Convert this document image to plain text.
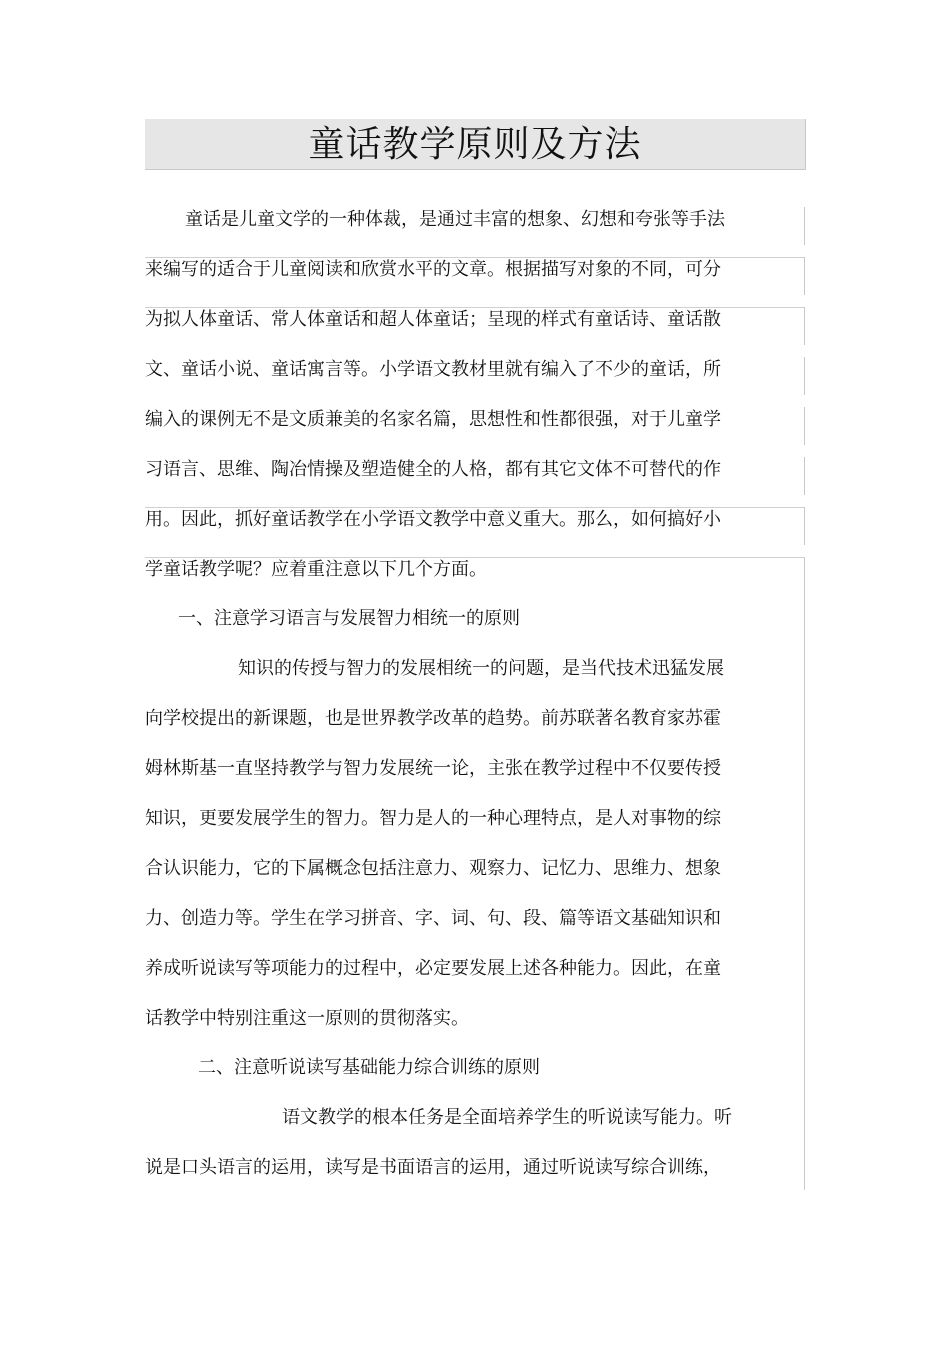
童话教学原则及方法
童话是儿童文学的一种体裁，是通过丰富的想象、幻想和夸张等手法
来编写的适合于儿童阅读和欣赏水平的文章。根据描写对象的不同，可分
为拟人体童话、常人体童话和超人体童话；呈现的样式有童话诗、童话散
文、童话小说、童话寓言等。小学语文教材里就有编入了不少的童话，所
编入的课例无不是文质兼美的名家名篇，思想性和性都很强，对于儿童学
习语言、思维、陶冶情操及塑造健全的人格，都有其它文体不可替代的作
用。因此，抓好童话教学在小学语文教学中意义重大。那么，如何搞好小
学童话教学呢？应着重注意以下几个方面。
一、注意学习语言与发展智力相统一的原则
知识的传授与智力的发展相统一的问题，是当代技术迅猛发展
向学校提出的新课题，也是世界教学改革的趋势。前苏联著名教育家苏霍
姆林斯基一直坚持教学与智力发展统一论，主张在教学过程中不仅要传授
知识，更要发展学生的智力。智力是人的一种心理特点，是人对事物的综
合认识能力，它的下属概念包括注意力、观察力、记忆力、思维力、想象
力、创造力等。学生在学习拼音、字、词、句、段、篇等语文基础知识和
养成听说读写等项能力的过程中，必定要发展上述各种能力。因此，在童
话教学中特别注重这一原则的贯彻落实。
二、注意听说读写基础能力综合训练的原则
语文教学的根本任务是全面培养学生的听说读写能力。听
说是口头语言的运用，读写是书面语言的运用，通过听说读写综合训练，
